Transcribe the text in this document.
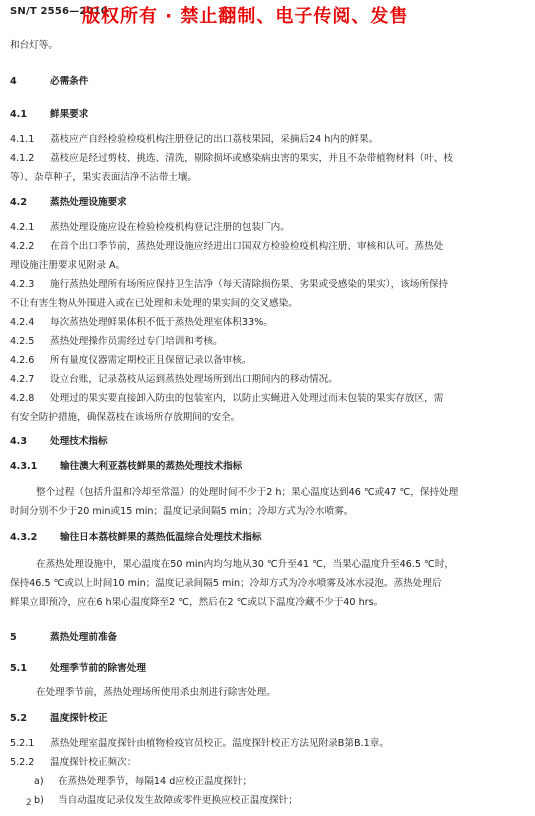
SN/T 2556—2010
版权所有 · 禁止翻制、电子传阅、发售
和台灯等。
4	必需条件
4.1 鲜果要求
4.1.1 荔枝应产自经检验检疫机构注册登记的出口荔枝果园，采摘后24 h内的鲜果。
4.1.2 荔枝应是经过剪枝、挑选、清洗，剔除损坏或感染病虫害的果实，并且不杂带植物材料（叶、枝
等）、杂草种子，果实表面洁净不沾带土壤。
4.2 蒸热处理设施要求
4.2.1 蒸热处理设施应设在检验检疫机构登记注册的包装厂内。
4.2.2 在首个出口季节前，蒸热处理设施应经进出口国双方检验检疫机构注册、审核和认可。蒸热处
理设施注册要求见附录 A。
4.2.3 施行蒸热处理所有场所应保持卫生洁净（每天清除损伤果、劣果或受感染的果实），该场所保持
不让有害生物从外围进入或在已处理和未处理的果实间的交叉感染。
4.2.4 每次蒸热处理鲜果体积不低于蒸热处理室体积33%。
4.2.5 蒸热处理操作员需经过专门培训和考核。
4.2.6 所有量度仪器需定期校正且保留记录以备审核。
4.2.7 设立台账，记录荔枝从运到蒸热处理场所到出口期间内的移动情况。
4.2.8 处理过的果实要直接卸入防虫的包装室内，以防止实蝇进入处理过而未包装的果实存放区，需
有安全防护措施，确保荔枝在该场所存放期间的安全。
4.3 处理技术指标
4.3.1 输往澳大利亚荔枝鲜果的蒸热处理技术指标
整个过程（包括升温和冷却至常温）的处理时间不少于2 h；果心温度达到46 ℃或47 ℃，保持处理
时间分别不少于20 min或15 min；温度记录间隔5 min；冷却方式为冷水喷雾。
4.3.2 输往日本荔枝鲜果的蒸热低温综合处理技术指标
在蒸热处理设施中，果心温度在50 min内均匀地从30 ℃升至41 ℃，当果心温度升至46.5 ℃时，
保持46.5 ℃或以上时间10 min；温度记录间隔5 min；冷却方式为冷水喷雾及冰水浸泡。蒸热处理后
鲜果立即预冷，应在6 h果心温度降至2 ℃，然后在2 ℃或以下温度冷藏不少于40 hrs。
5	蒸热处理前准备
5.1 处理季节前的除害处理
在处理季节前，蒸热处理场所使用杀虫剂进行除害处理。
5.2 温度探针校正
5.2.1 蒸热处理室温度探针由植物检疫官员校正。温度探针校正方法见附录B第B.1章。
5.2.2 温度探针校正频次：
a) 在蒸热处理季节，每隔14 d应校正温度探针；
b) 当自动温度记录仪发生故障或零件更换应校正温度探针；
2
